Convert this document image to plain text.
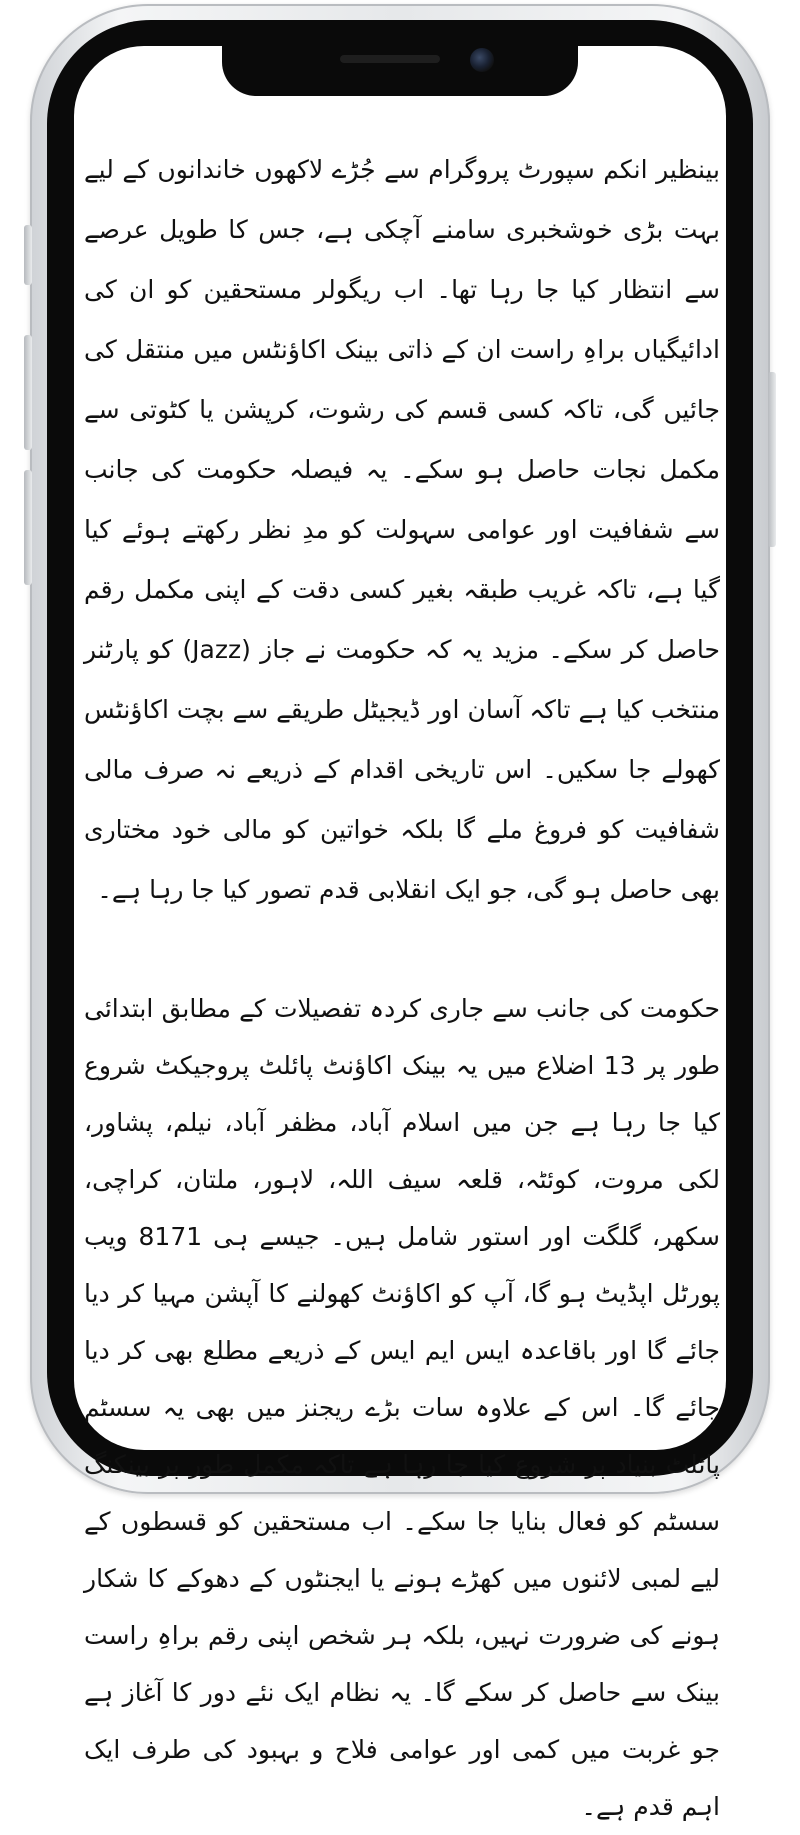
بینظیر انکم سپورٹ پروگرام سے جُڑے لاکھوں خاندانوں کے لیے بہت بڑی خوشخبری سامنے آچکی ہے، جس کا طویل عرصے سے انتظار کیا جا رہا تھا۔ اب ریگولر مستحقین کو ان کی ادائیگیاں براہِ راست ان کے ذاتی بینک اکاؤنٹس میں منتقل کی جائیں گی، تاکہ کسی قسم کی رشوت، کرپشن یا کٹوتی سے مکمل نجات حاصل ہو سکے۔ یہ فیصلہ حکومت کی جانب سے شفافیت اور عوامی سہولت کو مدِ نظر رکھتے ہوئے کیا گیا ہے، تاکہ غریب طبقہ بغیر کسی دقت کے اپنی مکمل رقم حاصل کر سکے۔ مزید یہ کہ حکومت نے جاز (Jazz) کو پارٹنر منتخب کیا ہے تاکہ آسان اور ڈیجیٹل طریقے سے بچت اکاؤنٹس کھولے جا سکیں۔ اس تاریخی اقدام کے ذریعے نہ صرف مالی شفافیت کو فروغ ملے گا بلکہ خواتین کو مالی خود مختاری بھی حاصل ہو گی، جو ایک انقلابی قدم تصور کیا جا رہا ہے۔

حکومت کی جانب سے جاری کردہ تفصیلات کے مطابق ابتدائی طور پر 13 اضلاع میں یہ بینک اکاؤنٹ پائلٹ پروجیکٹ شروع کیا جا رہا ہے جن میں اسلام آباد، مظفر آباد، نیلم، پشاور، لکی مروت، کوئٹہ، قلعہ سیف اللہ، لاہور، ملتان، کراچی، سکھر، گلگت اور استور شامل ہیں۔ جیسے ہی 8171 ویب پورٹل اپڈیٹ ہو گا، آپ کو اکاؤنٹ کھولنے کا آپشن مہیا کر دیا جائے گا اور باقاعدہ ایس ایم ایس کے ذریعے مطلع بھی کر دیا جائے گا۔ اس کے علاوہ سات بڑے ریجنز میں بھی یہ سسٹم پائلٹ بنیاد پر شروع کیا جا رہا ہے تاکہ مکمل طور پر بینکنگ سسٹم کو فعال بنایا جا سکے۔ اب مستحقین کو قسطوں کے لیے لمبی لائنوں میں کھڑے ہونے یا ایجنٹوں کے دھوکے کا شکار ہونے کی ضرورت نہیں، بلکہ ہر شخص اپنی رقم براہِ راست بینک سے حاصل کر سکے گا۔ یہ نظام ایک نئے دور کا آغاز ہے جو غربت میں کمی اور عوامی فلاح و بہبود کی طرف ایک اہم قدم ہے۔
